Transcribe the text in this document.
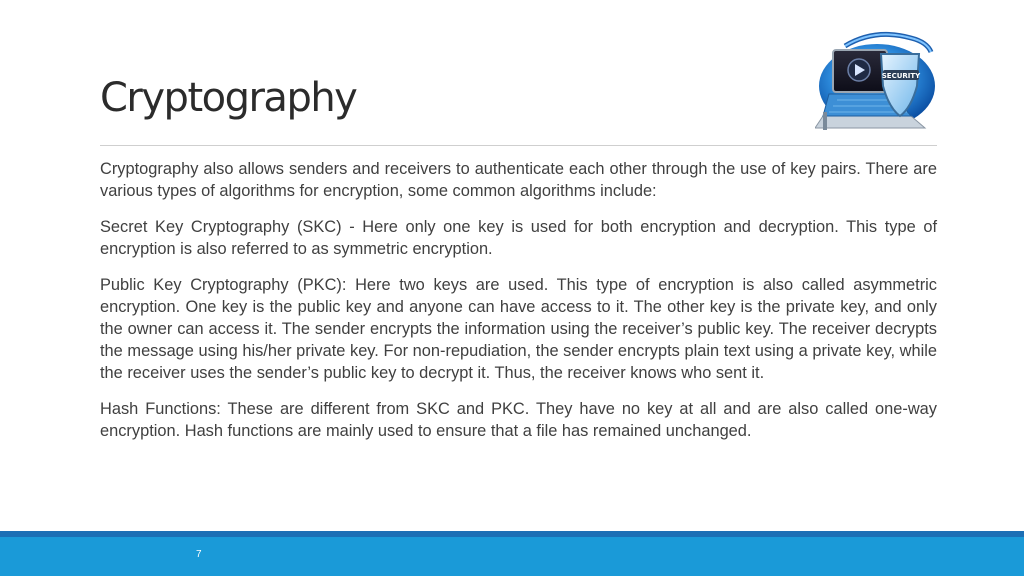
Cryptography	SECURITY

Cryptography also allows senders and receivers to authenticate each other through the use of key pairs. There are various types of algorithms for encryption, some common algorithms include:

Secret Key Cryptography (SKC) - Here only one key is used for both encryption and decryption. This type of encryption is also referred to as symmetric encryption.

Public Key Cryptography (PKC): Here two keys are used. This type of encryption is also called asymmetric encryption. One key is the public key and anyone can have access to it. The other key is the private key, and only the owner can access it. The sender encrypts the information using the receiver’s public key. The receiver decrypts the message using his/her private key. For non-repudiation, the sender encrypts plain text using a private key, while the receiver uses the sender’s public key to decrypt it. Thus, the receiver knows who sent it.

Hash Functions: These are different from SKC and PKC. They have no key at all and are also called one-way encryption. Hash functions are mainly used to ensure that a file has remained unchanged.

7
